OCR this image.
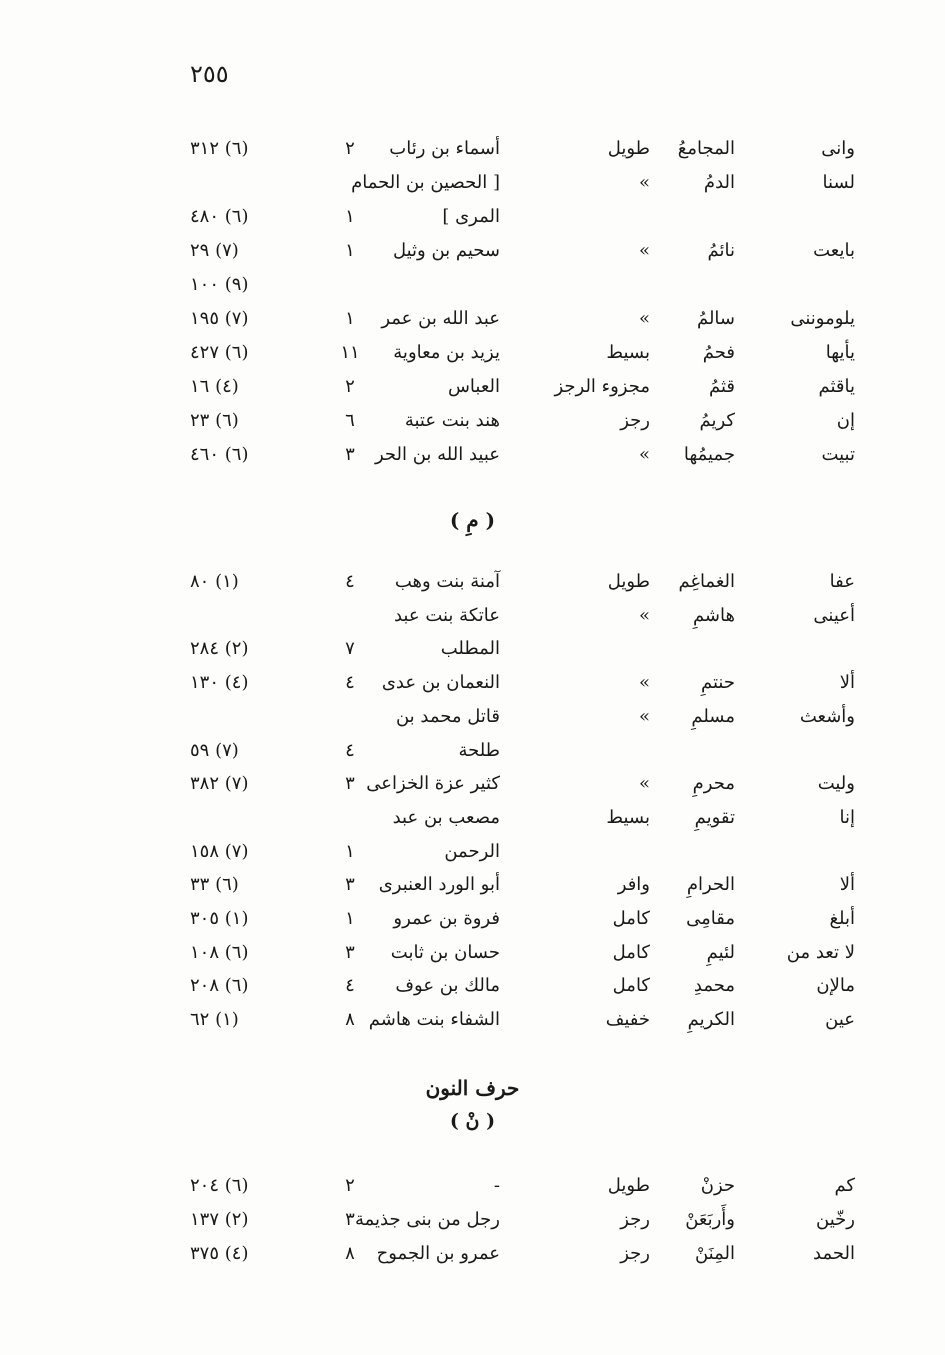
٢٥٥
وانى
المجامعُ
طويل
أسماء بن رئاب
٢
(٦) ٣١٢
لسنا
الدمُ
»
[ الحصين بن الحمام
المرى ]
١
(٦) ٤٨٠
بايعت
نائمُ
»
سحيم بن وثيل
١
(٧) ٢٩
(٩) ١٠٠
يلوموننى
سالمُ
»
عبد الله بن عمر
١
(٧) ١٩٥
يأيها
فحمُ
بسيط
يزيد بن معاوية
١١
(٦) ٤٢٧
ياقثم
قثمُ
مجزوء الرجز
العباس
٢
(٤) ١٦
إن
كريمُ
رجز
هند بنت عتبة
٦
(٦) ٢٣
تبيت
جميمُها
»
عبيد الله بن الحر
٣
(٦) ٤٦٠
( مِ )
عفا
الغماغِم
طويل
آمنة بنت وهب
٤
(١) ٨٠
أعينى
هاشمِ
»
عاتكة بنت عبد
المطلب
٧
(٢) ٢٨٤
ألا
حنتمِ
»
النعمان بن عدى
٤
(٤) ١٣٠
وأشعث
مسلمِ
»
قاتل محمد بن
طلحة
٤
(٧) ٥٩
وليت
محرمِ
»
كثير عزة الخزاعى
٣
(٧) ٣٨٢
إنا
تقويمِ
بسيط
مصعب بن عبد
الرحمن
١
(٧) ١٥٨
ألا
الحرامِ
وافر
أبو الورد العنبرى
٣
(٦) ٣٣
أبلغ
مقامِى
كامل
فروة بن عمرو
١
(١) ٣٠٥
لا تعد من
لئيمِ
كامل
حسان بن ثابت
٣
(٦) ١٠٨
مالإن
محمدِ
كامل
مالك بن عوف
٤
(٦) ٢٠٨
عين
الكريمِ
خفيف
الشفاء بنت هاشم
٨
(١) ٦٢
حرف النون
( نْ )
كم
حزنْ
طويل
-
٢
(٦) ٢٠٤
رخّين
وأَربَعَنْ
رجز
رجل من بنى جذيمة
٣
(٢) ١٣٧
الحمد
المِنَنْ
رجز
عمرو بن الجموح
٨
(٤) ٣٧٥
